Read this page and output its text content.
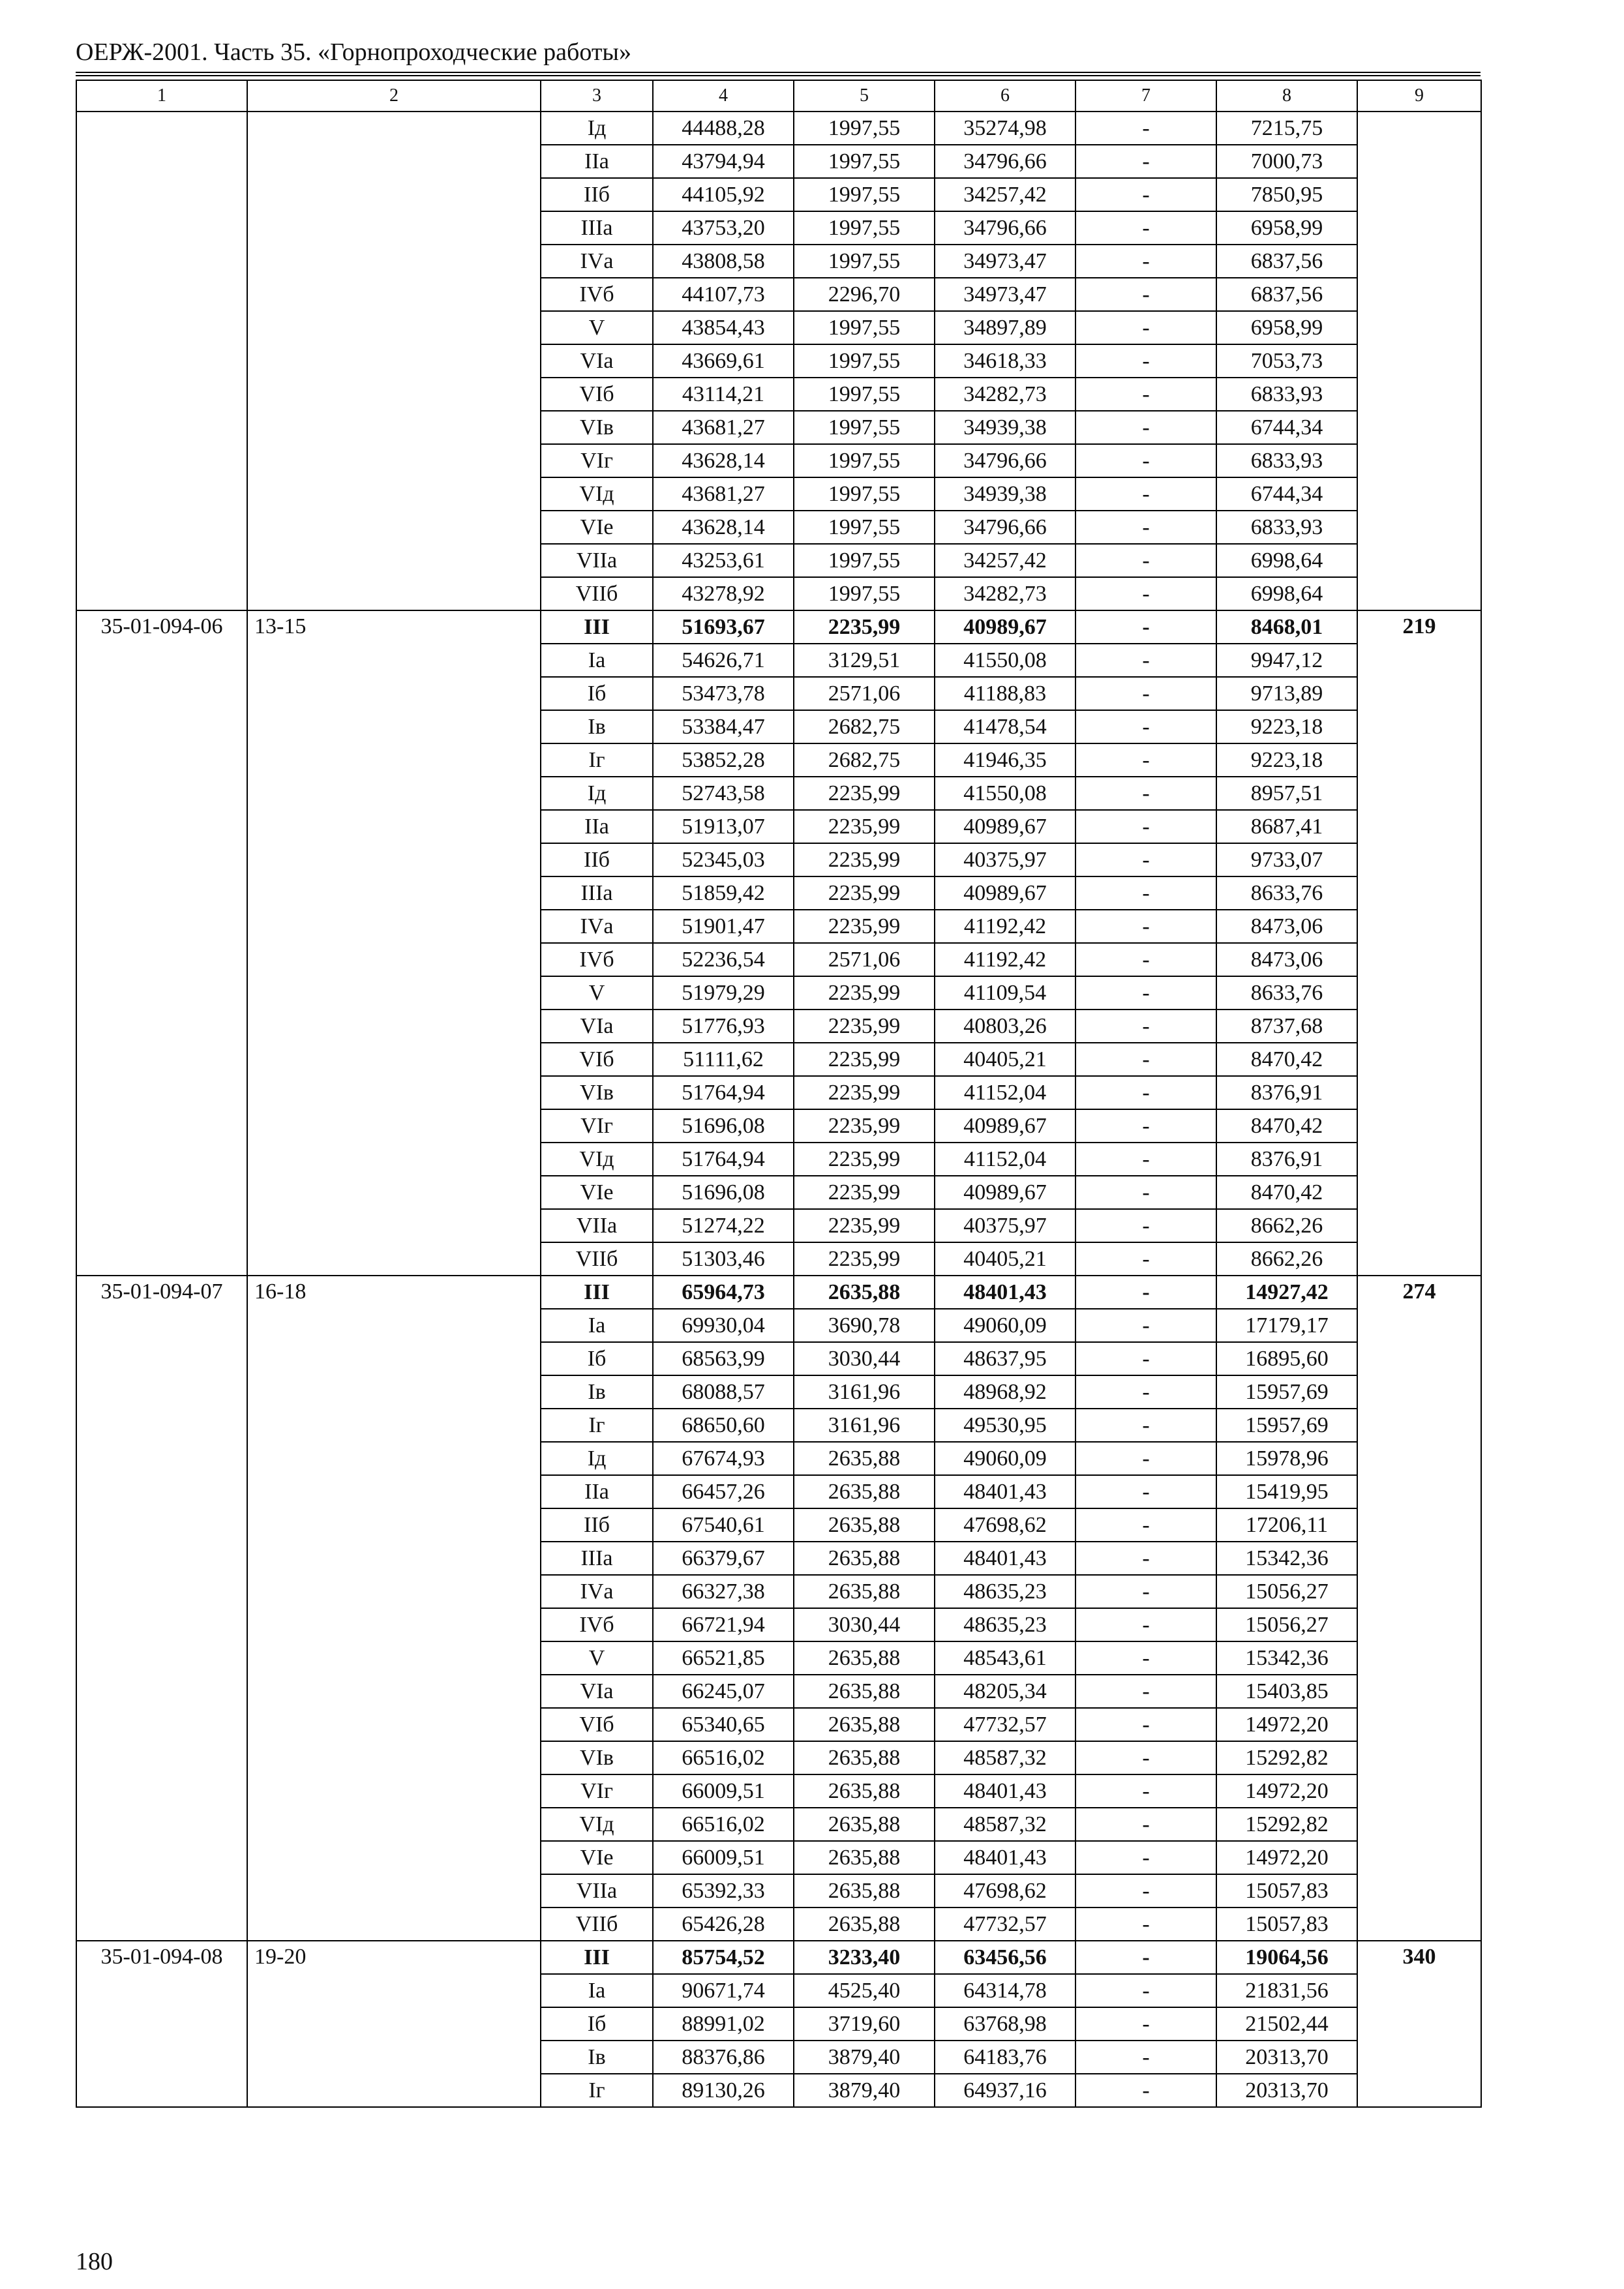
ОЕРЖ-2001. Часть 35. «Горнопроходческие работы»
1	2	3	4	5	6	7	8	9
		Iд	44488,28	1997,55	35274,98	-	7215,75	
		IIа	43794,94	1997,55	34796,66	-	7000,73	
		IIб	44105,92	1997,55	34257,42	-	7850,95	
		IIIа	43753,20	1997,55	34796,66	-	6958,99	
		IVа	43808,58	1997,55	34973,47	-	6837,56	
		IVб	44107,73	2296,70	34973,47	-	6837,56	
		V	43854,43	1997,55	34897,89	-	6958,99	
		VIа	43669,61	1997,55	34618,33	-	7053,73	
		VIб	43114,21	1997,55	34282,73	-	6833,93	
		VIв	43681,27	1997,55	34939,38	-	6744,34	
		VIг	43628,14	1997,55	34796,66	-	6833,93	
		VIд	43681,27	1997,55	34939,38	-	6744,34	
		VIе	43628,14	1997,55	34796,66	-	6833,93	
		VIIа	43253,61	1997,55	34257,42	-	6998,64	
		VIIб	43278,92	1997,55	34282,73	-	6998,64	
35-01-094-06	13-15	III	51693,67	2235,99	40989,67	-	8468,01	219
		Iа	54626,71	3129,51	41550,08	-	9947,12	
		Iб	53473,78	2571,06	41188,83	-	9713,89	
		Iв	53384,47	2682,75	41478,54	-	9223,18	
		Iг	53852,28	2682,75	41946,35	-	9223,18	
		Iд	52743,58	2235,99	41550,08	-	8957,51	
		IIа	51913,07	2235,99	40989,67	-	8687,41	
		IIб	52345,03	2235,99	40375,97	-	9733,07	
		IIIа	51859,42	2235,99	40989,67	-	8633,76	
		IVа	51901,47	2235,99	41192,42	-	8473,06	
		IVб	52236,54	2571,06	41192,42	-	8473,06	
		V	51979,29	2235,99	41109,54	-	8633,76	
		VIа	51776,93	2235,99	40803,26	-	8737,68	
		VIб	51111,62	2235,99	40405,21	-	8470,42	
		VIв	51764,94	2235,99	41152,04	-	8376,91	
		VIг	51696,08	2235,99	40989,67	-	8470,42	
		VIд	51764,94	2235,99	41152,04	-	8376,91	
		VIе	51696,08	2235,99	40989,67	-	8470,42	
		VIIа	51274,22	2235,99	40375,97	-	8662,26	
		VIIб	51303,46	2235,99	40405,21	-	8662,26	
35-01-094-07	16-18	III	65964,73	2635,88	48401,43	-	14927,42	274
		Iа	69930,04	3690,78	49060,09	-	17179,17	
		Iб	68563,99	3030,44	48637,95	-	16895,60	
		Iв	68088,57	3161,96	48968,92	-	15957,69	
		Iг	68650,60	3161,96	49530,95	-	15957,69	
		Iд	67674,93	2635,88	49060,09	-	15978,96	
		IIа	66457,26	2635,88	48401,43	-	15419,95	
		IIб	67540,61	2635,88	47698,62	-	17206,11	
		IIIа	66379,67	2635,88	48401,43	-	15342,36	
		IVа	66327,38	2635,88	48635,23	-	15056,27	
		IVб	66721,94	3030,44	48635,23	-	15056,27	
		V	66521,85	2635,88	48543,61	-	15342,36	
		VIа	66245,07	2635,88	48205,34	-	15403,85	
		VIб	65340,65	2635,88	47732,57	-	14972,20	
		VIв	66516,02	2635,88	48587,32	-	15292,82	
		VIг	66009,51	2635,88	48401,43	-	14972,20	
		VIд	66516,02	2635,88	48587,32	-	15292,82	
		VIе	66009,51	2635,88	48401,43	-	14972,20	
		VIIа	65392,33	2635,88	47698,62	-	15057,83	
		VIIб	65426,28	2635,88	47732,57	-	15057,83	
35-01-094-08	19-20	III	85754,52	3233,40	63456,56	-	19064,56	340
		Iа	90671,74	4525,40	64314,78	-	21831,56	
		Iб	88991,02	3719,60	63768,98	-	21502,44	
		Iв	88376,86	3879,40	64183,76	-	20313,70	
		Iг	89130,26	3879,40	64937,16	-	20313,70	
180
